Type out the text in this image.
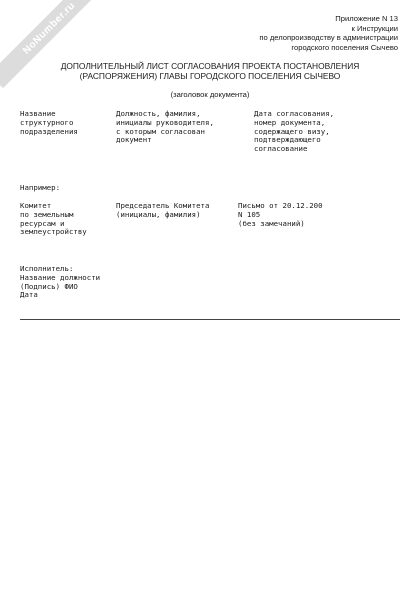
NoNumber.ru	Приложение N 13
к Инструкции
по делопроизводству в администрации
городского поселения Сычево
ДОПОЛНИТЕЛЬНЫЙ ЛИСТ СОГЛАСОВАНИЯ ПРОЕКТА ПОСТАНОВЛЕНИЯ
(РАСПОРЯЖЕНИЯ) ГЛАВЫ ГОРОДСКОГО ПОСЕЛЕНИЯ СЫЧЕВО
(заголовок документа)
Название
структурного
подразделения
Должность, фамилия,
инициалы руководителя,
с которым согласован
документ
Дата согласования,
номер документа,
содержащего визу,
подтверждающего
согласование
Например:
Комитет
по земельным
ресурсам и
землеустройству
Председатель Комитета
(инициалы, фамилия)
Письмо от 20.12.200
N 105
(без замечаний)
Исполнитель:
Название должности
(Подпись) ФИО
Дата
